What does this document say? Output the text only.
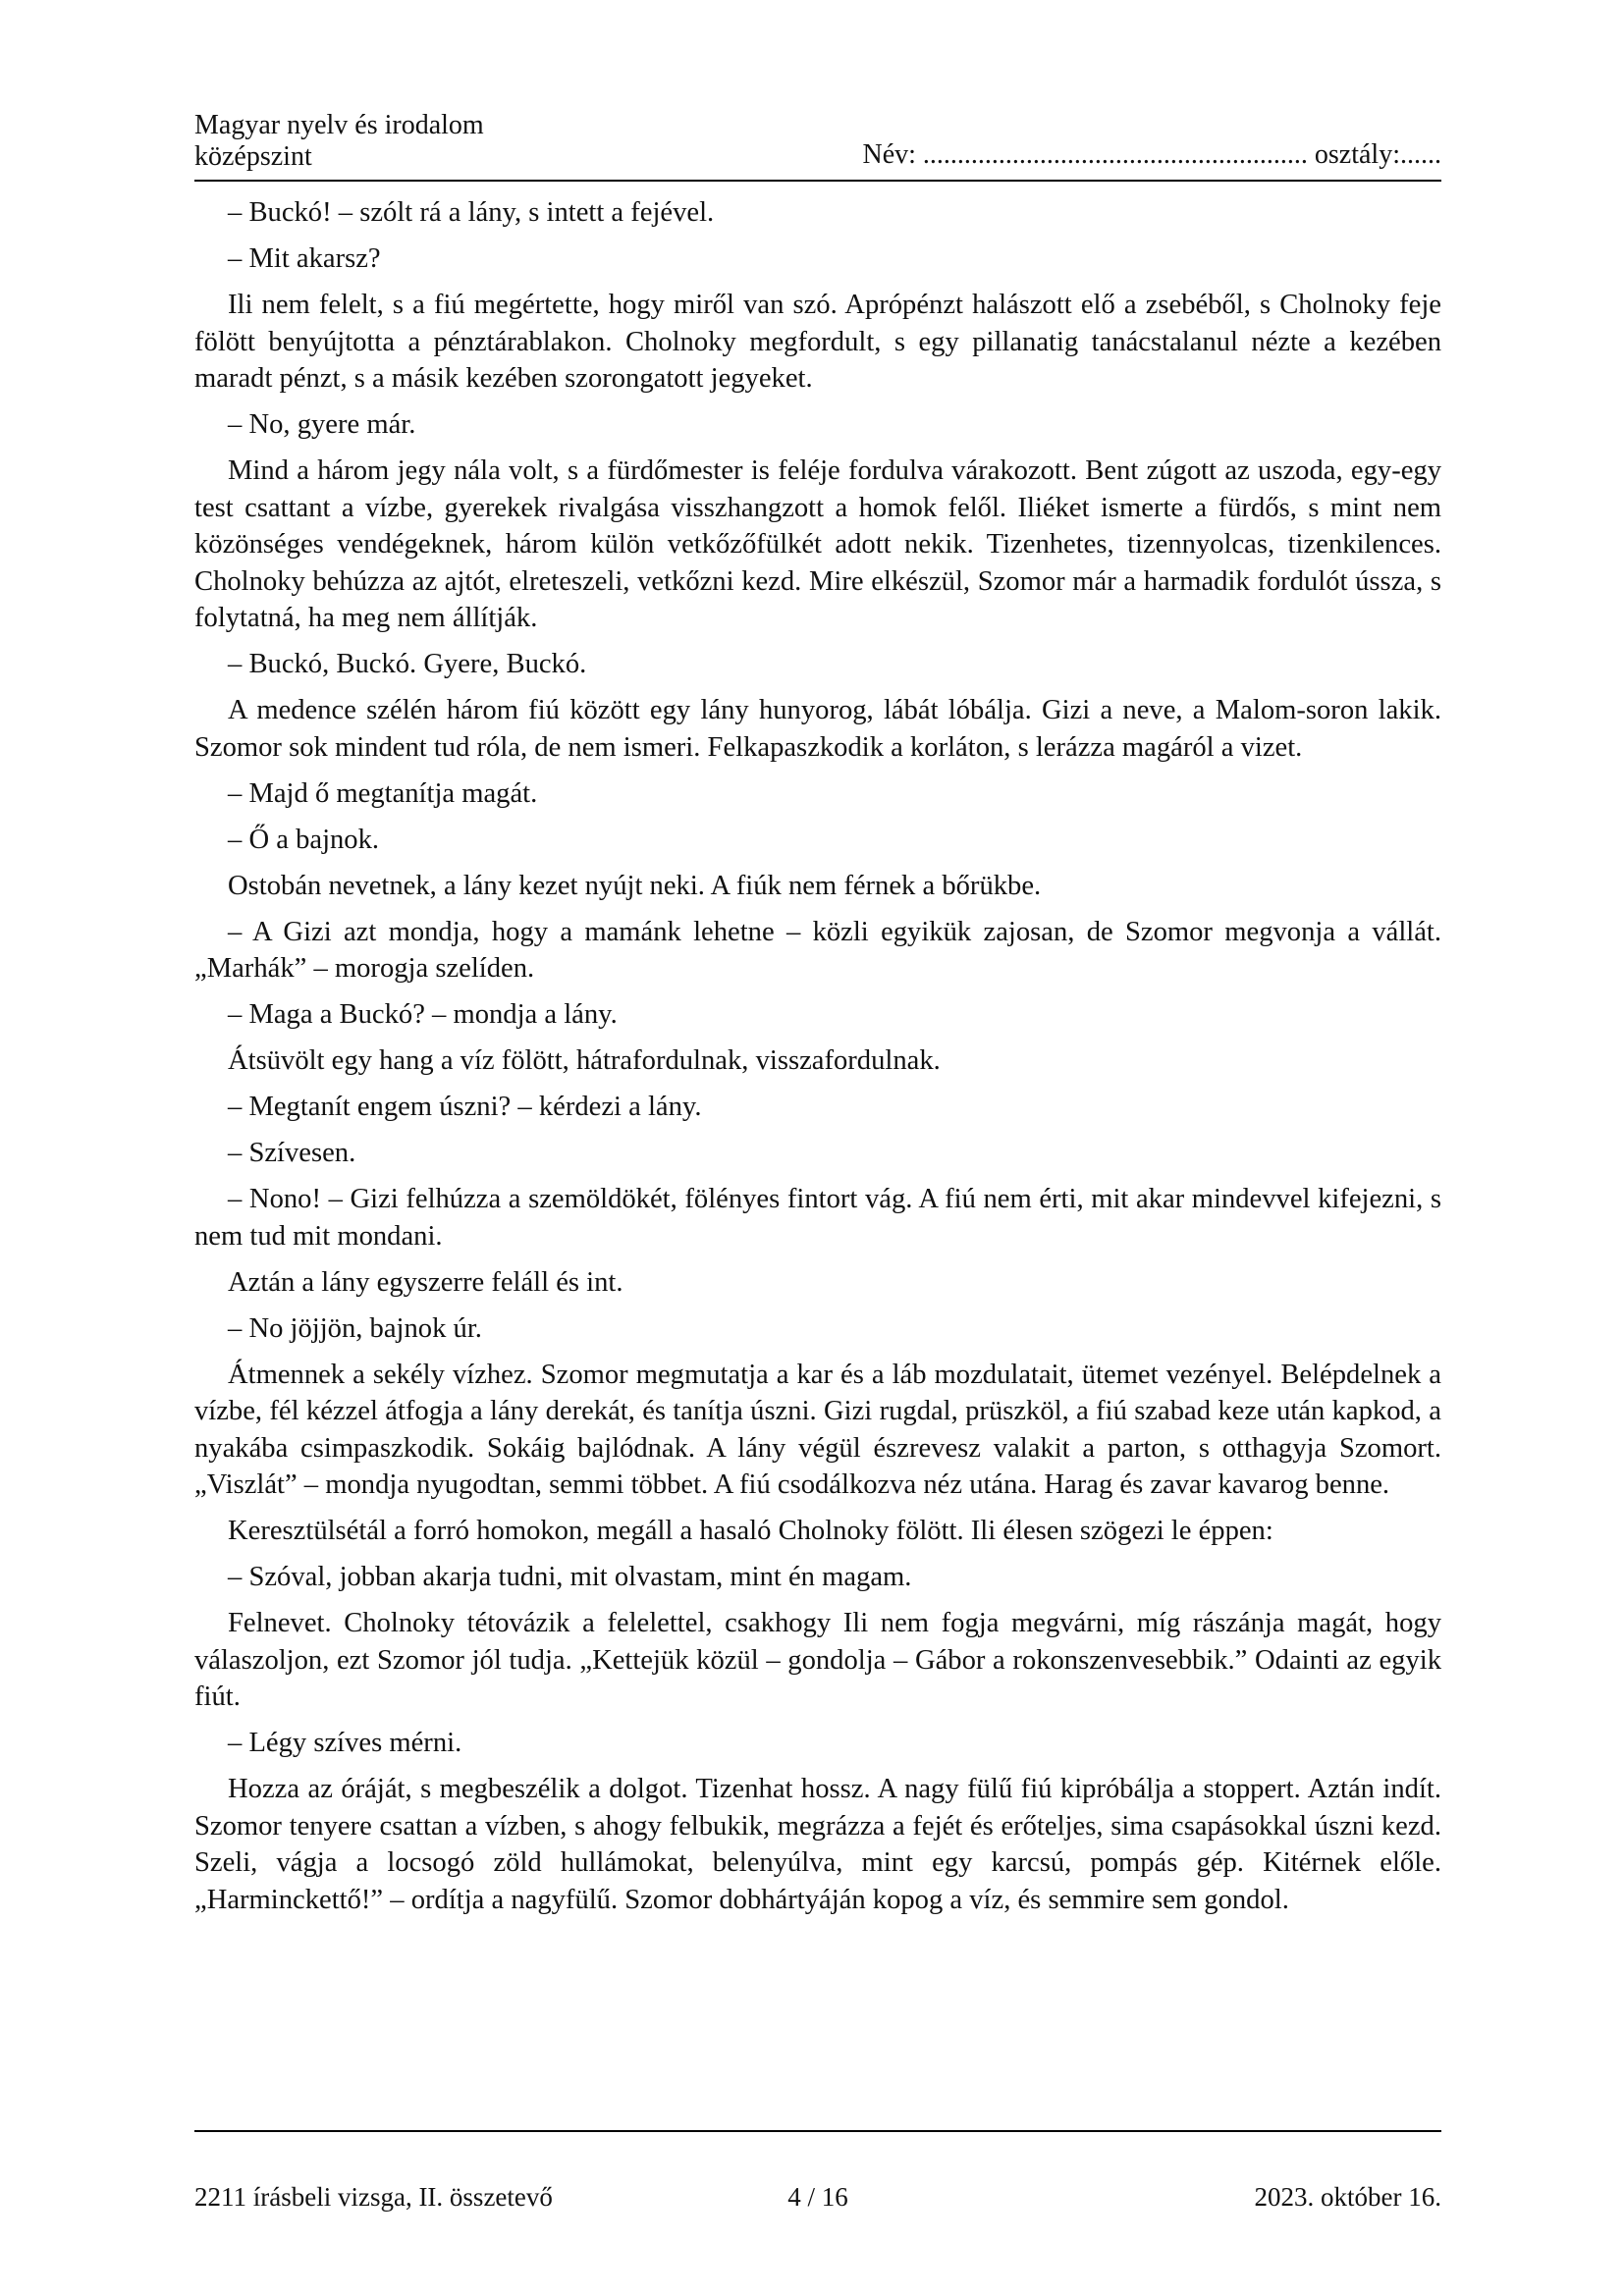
Magyar nyelv és irodalom
középszint	Név: ........................................................ osztály:......

– Buckó! – szólt rá a lány, s intett a fejével.

– Mit akarsz?

Ili nem felelt, s a fiú megértette, hogy miről van szó. Aprópénzt halászott elő a zsebéből, s Cholnoky feje fölött benyújtotta a pénztárablakon. Cholnoky megfordult, s egy pillanatig tanácstalanul nézte a kezében maradt pénzt, s a másik kezében szorongatott jegyeket.

– No, gyere már.

Mind a három jegy nála volt, s a fürdőmester is feléje fordulva várakozott. Bent zúgott az uszoda, egy-egy test csattant a vízbe, gyerekek rivalgása visszhangzott a homok felől. Iliéket ismerte a fürdős, s mint nem közönséges vendégeknek, három külön vetkőzőfülkét adott nekik. Tizenhetes, tizennyolcas, tizenkilences. Cholnoky behúzza az ajtót, elreteszeli, vetkőzni kezd. Mire elkészül, Szomor már a harmadik fordulót ússza, s folytatná, ha meg nem állítják.

– Buckó, Buckó. Gyere, Buckó.

A medence szélén három fiú között egy lány hunyorog, lábát lóbálja. Gizi a neve, a Malom-soron lakik. Szomor sok mindent tud róla, de nem ismeri. Felkapaszkodik a korláton, s lerázza magáról a vizet.

– Majd ő megtanítja magát.

– Ő a bajnok.

Ostobán nevetnek, a lány kezet nyújt neki. A fiúk nem férnek a bőrükbe.

– A Gizi azt mondja, hogy a mamánk lehetne – közli egyikük zajosan, de Szomor megvonja a vállát. „Marhák” – morogja szelíden.

– Maga a Buckó? – mondja a lány.

Átsüvölt egy hang a víz fölött, hátrafordulnak, visszafordulnak.

– Megtanít engem úszni? – kérdezi a lány.

– Szívesen.

– Nono! – Gizi felhúzza a szemöldökét, fölényes fintort vág. A fiú nem érti, mit akar mindevvel kifejezni, s nem tud mit mondani.

Aztán a lány egyszerre feláll és int.

– No jöjjön, bajnok úr.

Átmennek a sekély vízhez. Szomor megmutatja a kar és a láb mozdulatait, ütemet vezényel. Belépdelnek a vízbe, fél kézzel átfogja a lány derekát, és tanítja úszni. Gizi rugdal, prüszköl, a fiú szabad keze után kapkod, a nyakába csimpaszkodik. Sokáig bajlódnak. A lány végül észrevesz valakit a parton, s otthagyja Szomort. „Viszlát” – mondja nyugodtan, semmi többet. A fiú csodálkozva néz utána. Harag és zavar kavarog benne.

Keresztülsétál a forró homokon, megáll a hasaló Cholnoky fölött. Ili élesen szögezi le éppen:

– Szóval, jobban akarja tudni, mit olvastam, mint én magam.

Felnevet. Cholnoky tétovázik a felelettel, csakhogy Ili nem fogja megvárni, míg rászánja magát, hogy válaszoljon, ezt Szomor jól tudja. „Kettejük közül – gondolja – Gábor a rokonszenvesebbik.” Odainti az egyik fiút.

– Légy szíves mérni.

Hozza az óráját, s megbeszélik a dolgot. Tizenhat hossz. A nagy fülű fiú kipróbálja a stoppert. Aztán indít. Szomor tenyere csattan a vízben, s ahogy felbukik, megrázza a fejét és erőteljes, sima csapásokkal úszni kezd. Szeli, vágja a locsogó zöld hullámokat, belenyúlva, mint egy karcsú, pompás gép. Kitérnek előle. „Harminckettő!” – ordítja a nagyfülű. Szomor dobhártyáján kopog a víz, és semmire sem gondol.

2211 írásbeli vizsga, II. összetevő	4 / 16	2023. október 16.
